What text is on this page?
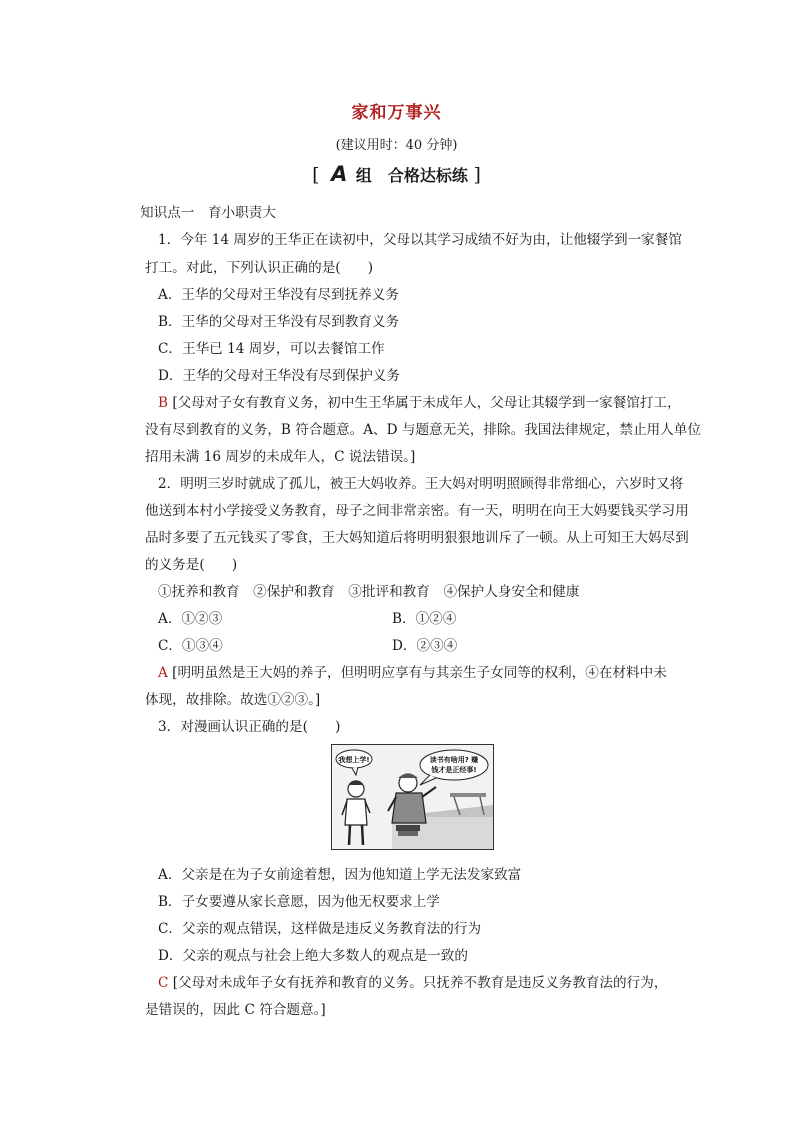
家和万事兴
(建议用时：40 分钟)
[ A 组　合格达标练 ]
知识点一　育小职责大
1．今年 14 周岁的王华正在读初中，父母以其学习成绩不好为由，让他辍学到一家餐馆
打工。对此，下列认识正确的是(　　)
A．王华的父母对王华没有尽到抚养义务
B．王华的父母对王华没有尽到教育义务
C．王华已 14 周岁，可以去餐馆工作
D．王华的父母对王华没有尽到保护义务
B [父母对子女有教育义务，初中生王华属于未成年人，父母让其辍学到一家餐馆打工，
没有尽到教育的义务，B 符合题意。A、D 与题意无关，排除。我国法律规定，禁止用人单位
招用未满 16 周岁的未成年人，C 说法错误。]
2．明明三岁时就成了孤儿，被王大妈收养。王大妈对明明照顾得非常细心，六岁时又将
他送到本村小学接受义务教育，母子之间非常亲密。有一天，明明在向王大妈要钱买学习用
品时多要了五元钱买了零食，王大妈知道后将明明狠狠地训斥了一顿。从上可知王大妈尽到
的义务是(　　)
①抚养和教育　②保护和教育　③批评和教育　④保护人身安全和健康
A．①②③	B．①②④
C．①③④	D．②③④
A [明明虽然是王大妈的养子，但明明应享有与其亲生子女同等的权利，④在材料中未
体现，故排除。故选①②③。]
3．对漫画认识正确的是(　　)
我想上学!	读书有啥用? 赚
钱才是正经事!
A．父亲是在为子女前途着想，因为他知道上学无法发家致富
B．子女要遵从家长意愿，因为他无权要求上学
C．父亲的观点错误，这样做是违反义务教育法的行为
D．父亲的观点与社会上绝大多数人的观点是一致的
C [父母对未成年子女有抚养和教育的义务。只抚养不教育是违反义务教育法的行为，
是错误的，因此 C 符合题意。]
